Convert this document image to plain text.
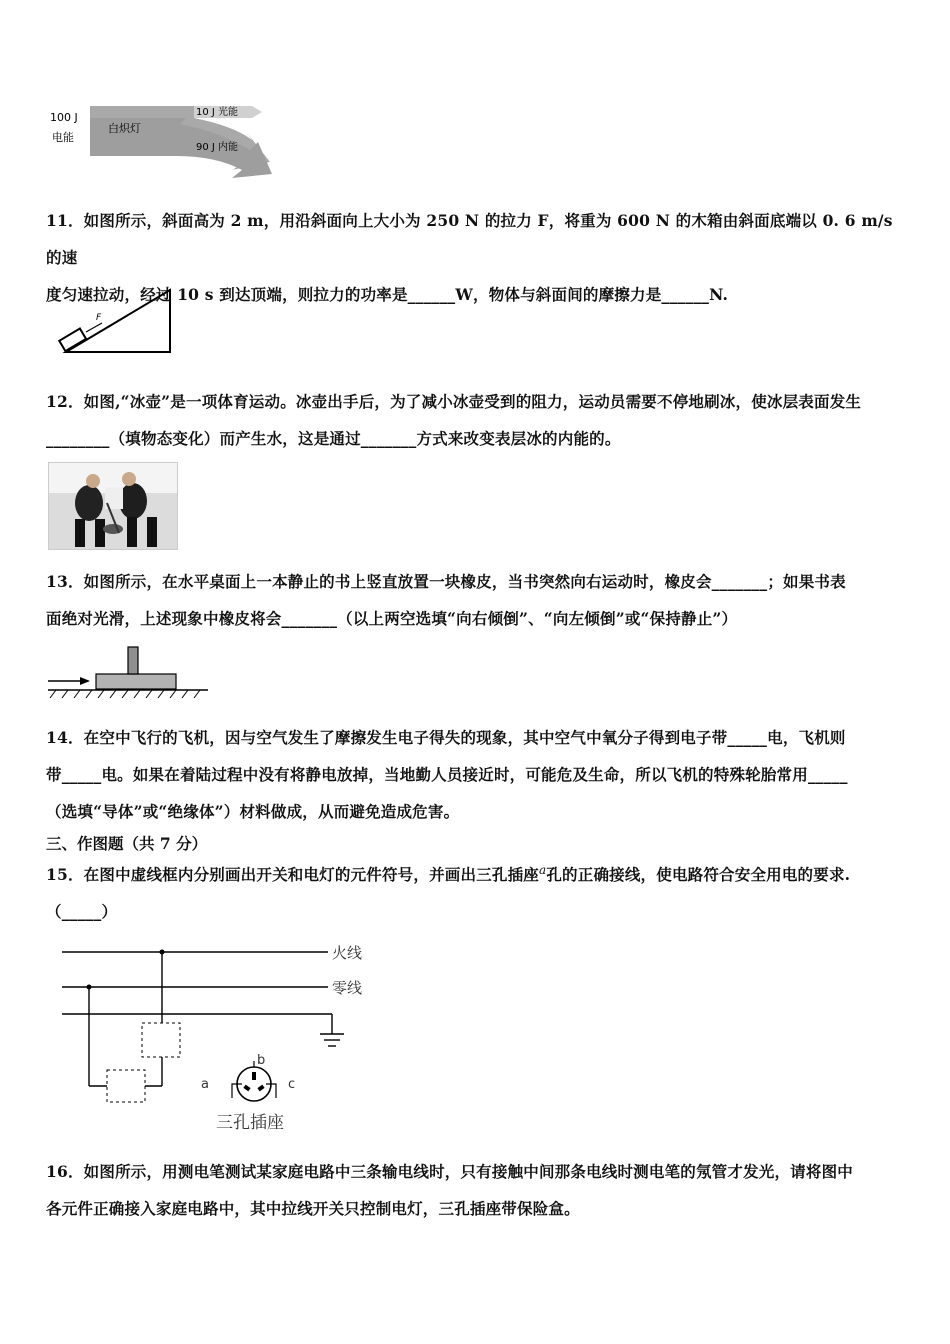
100 J
电能
白炽灯
10 J 光能
90 J 内能
11．如图所示，斜面高为 2 m，用沿斜面向上大小为 250 N 的拉力 F，将重为 600 N 的木箱由斜面底端以 0. 6 m/s 的速
度匀速拉动，经过 10 s 到达顶端，则拉力的功率是______W，物体与斜面间的摩擦力是______N.
F
12．如图,“冰壶”是一项体育运动。冰壶出手后，为了减小冰壶受到的阻力，运动员需要不停地刷冰，使冰层表面发生
________（填物态变化）而产生水，这是通过_______方式来改变表层冰的内能的。
13．如图所示，在水平桌面上一本静止的书上竖直放置一块橡皮，当书突然向右运动时，橡皮会_______；如果书表
面绝对光滑，上述现象中橡皮将会_______（以上两空选填“向右倾倒”、“向左倾倒”或“保持静止”）
14．在空中飞行的飞机，因与空气发生了摩擦发生电子得失的现象，其中空气中氧分子得到电子带_____电，飞机则
带_____电。如果在着陆过程中没有将静电放掉，当地勤人员接近时，可能危及生命，所以飞机的特殊轮胎常用_____
（选填“导体”或“绝缘体”）材料做成，从而避免造成危害。
三、作图题（共 7 分）
15．在图中虚线框内分别画出开关和电灯的元件符号，并画出三孔插座$^a$孔的正确接线，使电路符合安全用电的要求.
（_____）
火线
零线
b
a	c
三孔插座
16．如图所示，用测电笔测试某家庭电路中三条输电线时，只有接触中间那条电线时测电笔的氖管才发光，请将图中
各元件正确接入家庭电路中，其中拉线开关只控制电灯，三孔插座带保险盒。
